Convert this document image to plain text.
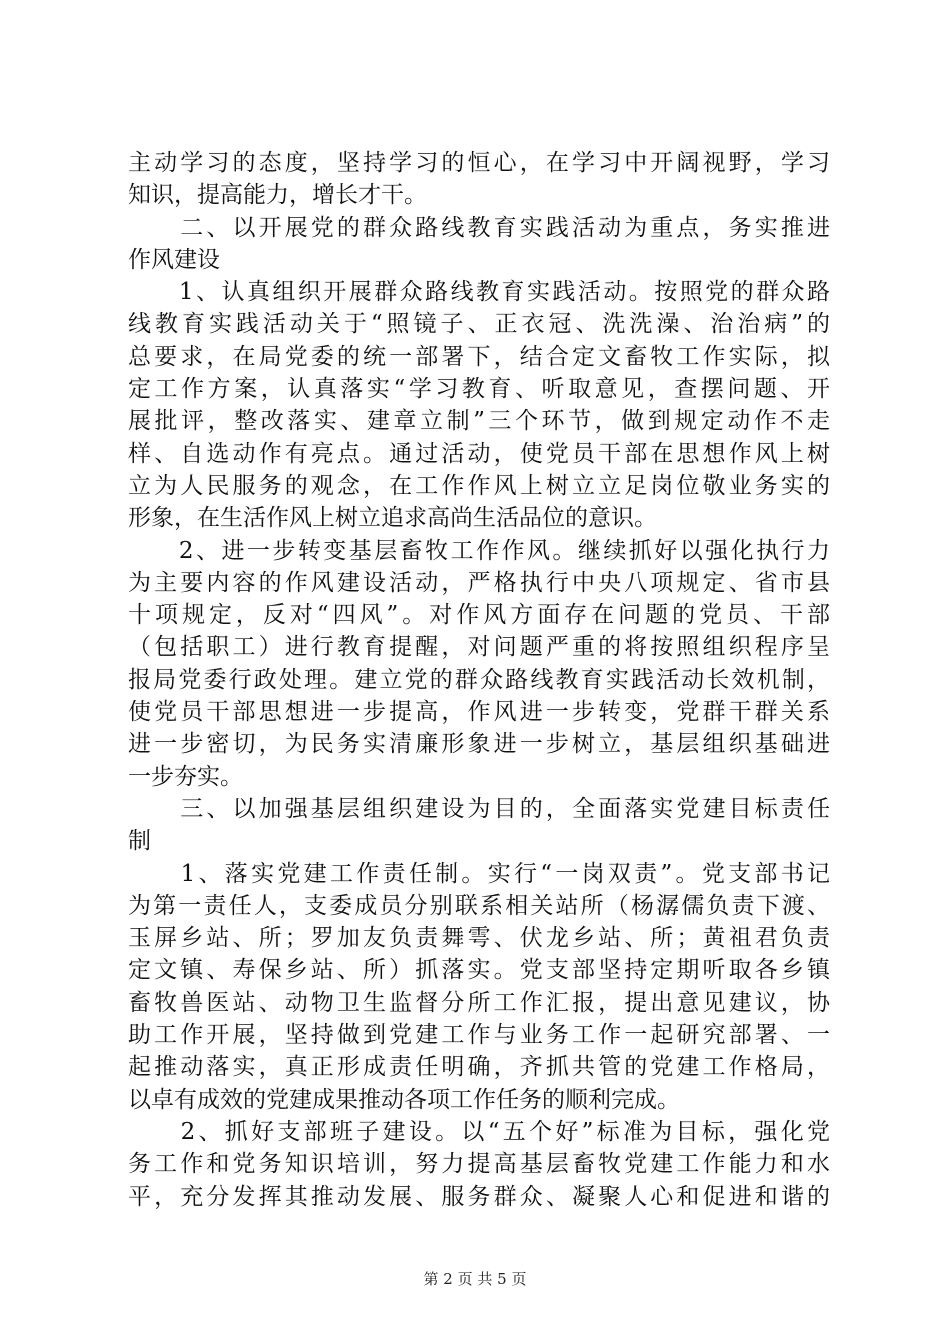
主动学习的态度，坚持学习的恒心，在学习中开阔视野，学习
知识，提高能力，增长才干。
　　二、以开展党的群众路线教育实践活动为重点，务实推进
作风建设
　　1、认真组织开展群众路线教育实践活动。按照党的群众路
线教育实践活动关于“照镜子、正衣冠、洗洗澡、治治病”的
总要求，在局党委的统一部署下，结合定文畜牧工作实际，拟
定工作方案，认真落实“学习教育、听取意见，查摆问题、开
展批评，整改落实、建章立制”三个环节，做到规定动作不走
样、自选动作有亮点。通过活动，使党员干部在思想作风上树
立为人民服务的观念，在工作作风上树立立足岗位敬业务实的
形象，在生活作风上树立追求高尚生活品位的意识。
　　2、进一步转变基层畜牧工作作风。继续抓好以强化执行力
为主要内容的作风建设活动，严格执行中央八项规定、省市县
十项规定，反对“四风”。对作风方面存在问题的党员、干部
（包括职工）进行教育提醒，对问题严重的将按照组织程序呈
报局党委行政处理。建立党的群众路线教育实践活动长效机制，
使党员干部思想进一步提高，作风进一步转变，党群干群关系
进一步密切，为民务实清廉形象进一步树立，基层组织基础进
一步夯实。
　　三、以加强基层组织建设为目的，全面落实党建目标责任
制
　　1、落实党建工作责任制。实行“一岗双责”。党支部书记
为第一责任人，支委成员分别联系相关站所（杨潺儒负责下渡、
玉屏乡站、所；罗加友负责舞雩、伏龙乡站、所；黄祖君负责
定文镇、寿保乡站、所）抓落实。党支部坚持定期听取各乡镇
畜牧兽医站、动物卫生监督分所工作汇报，提出意见建议，协
助工作开展，坚持做到党建工作与业务工作一起研究部署、一
起推动落实，真正形成责任明确，齐抓共管的党建工作格局，
以卓有成效的党建成果推动各项工作任务的顺利完成。
　　2、抓好支部班子建设。以“五个好”标准为目标，强化党
务工作和党务知识培训，努力提高基层畜牧党建工作能力和水
平，充分发挥其推动发展、服务群众、凝聚人心和促进和谐的
第 2 页 共 5 页
